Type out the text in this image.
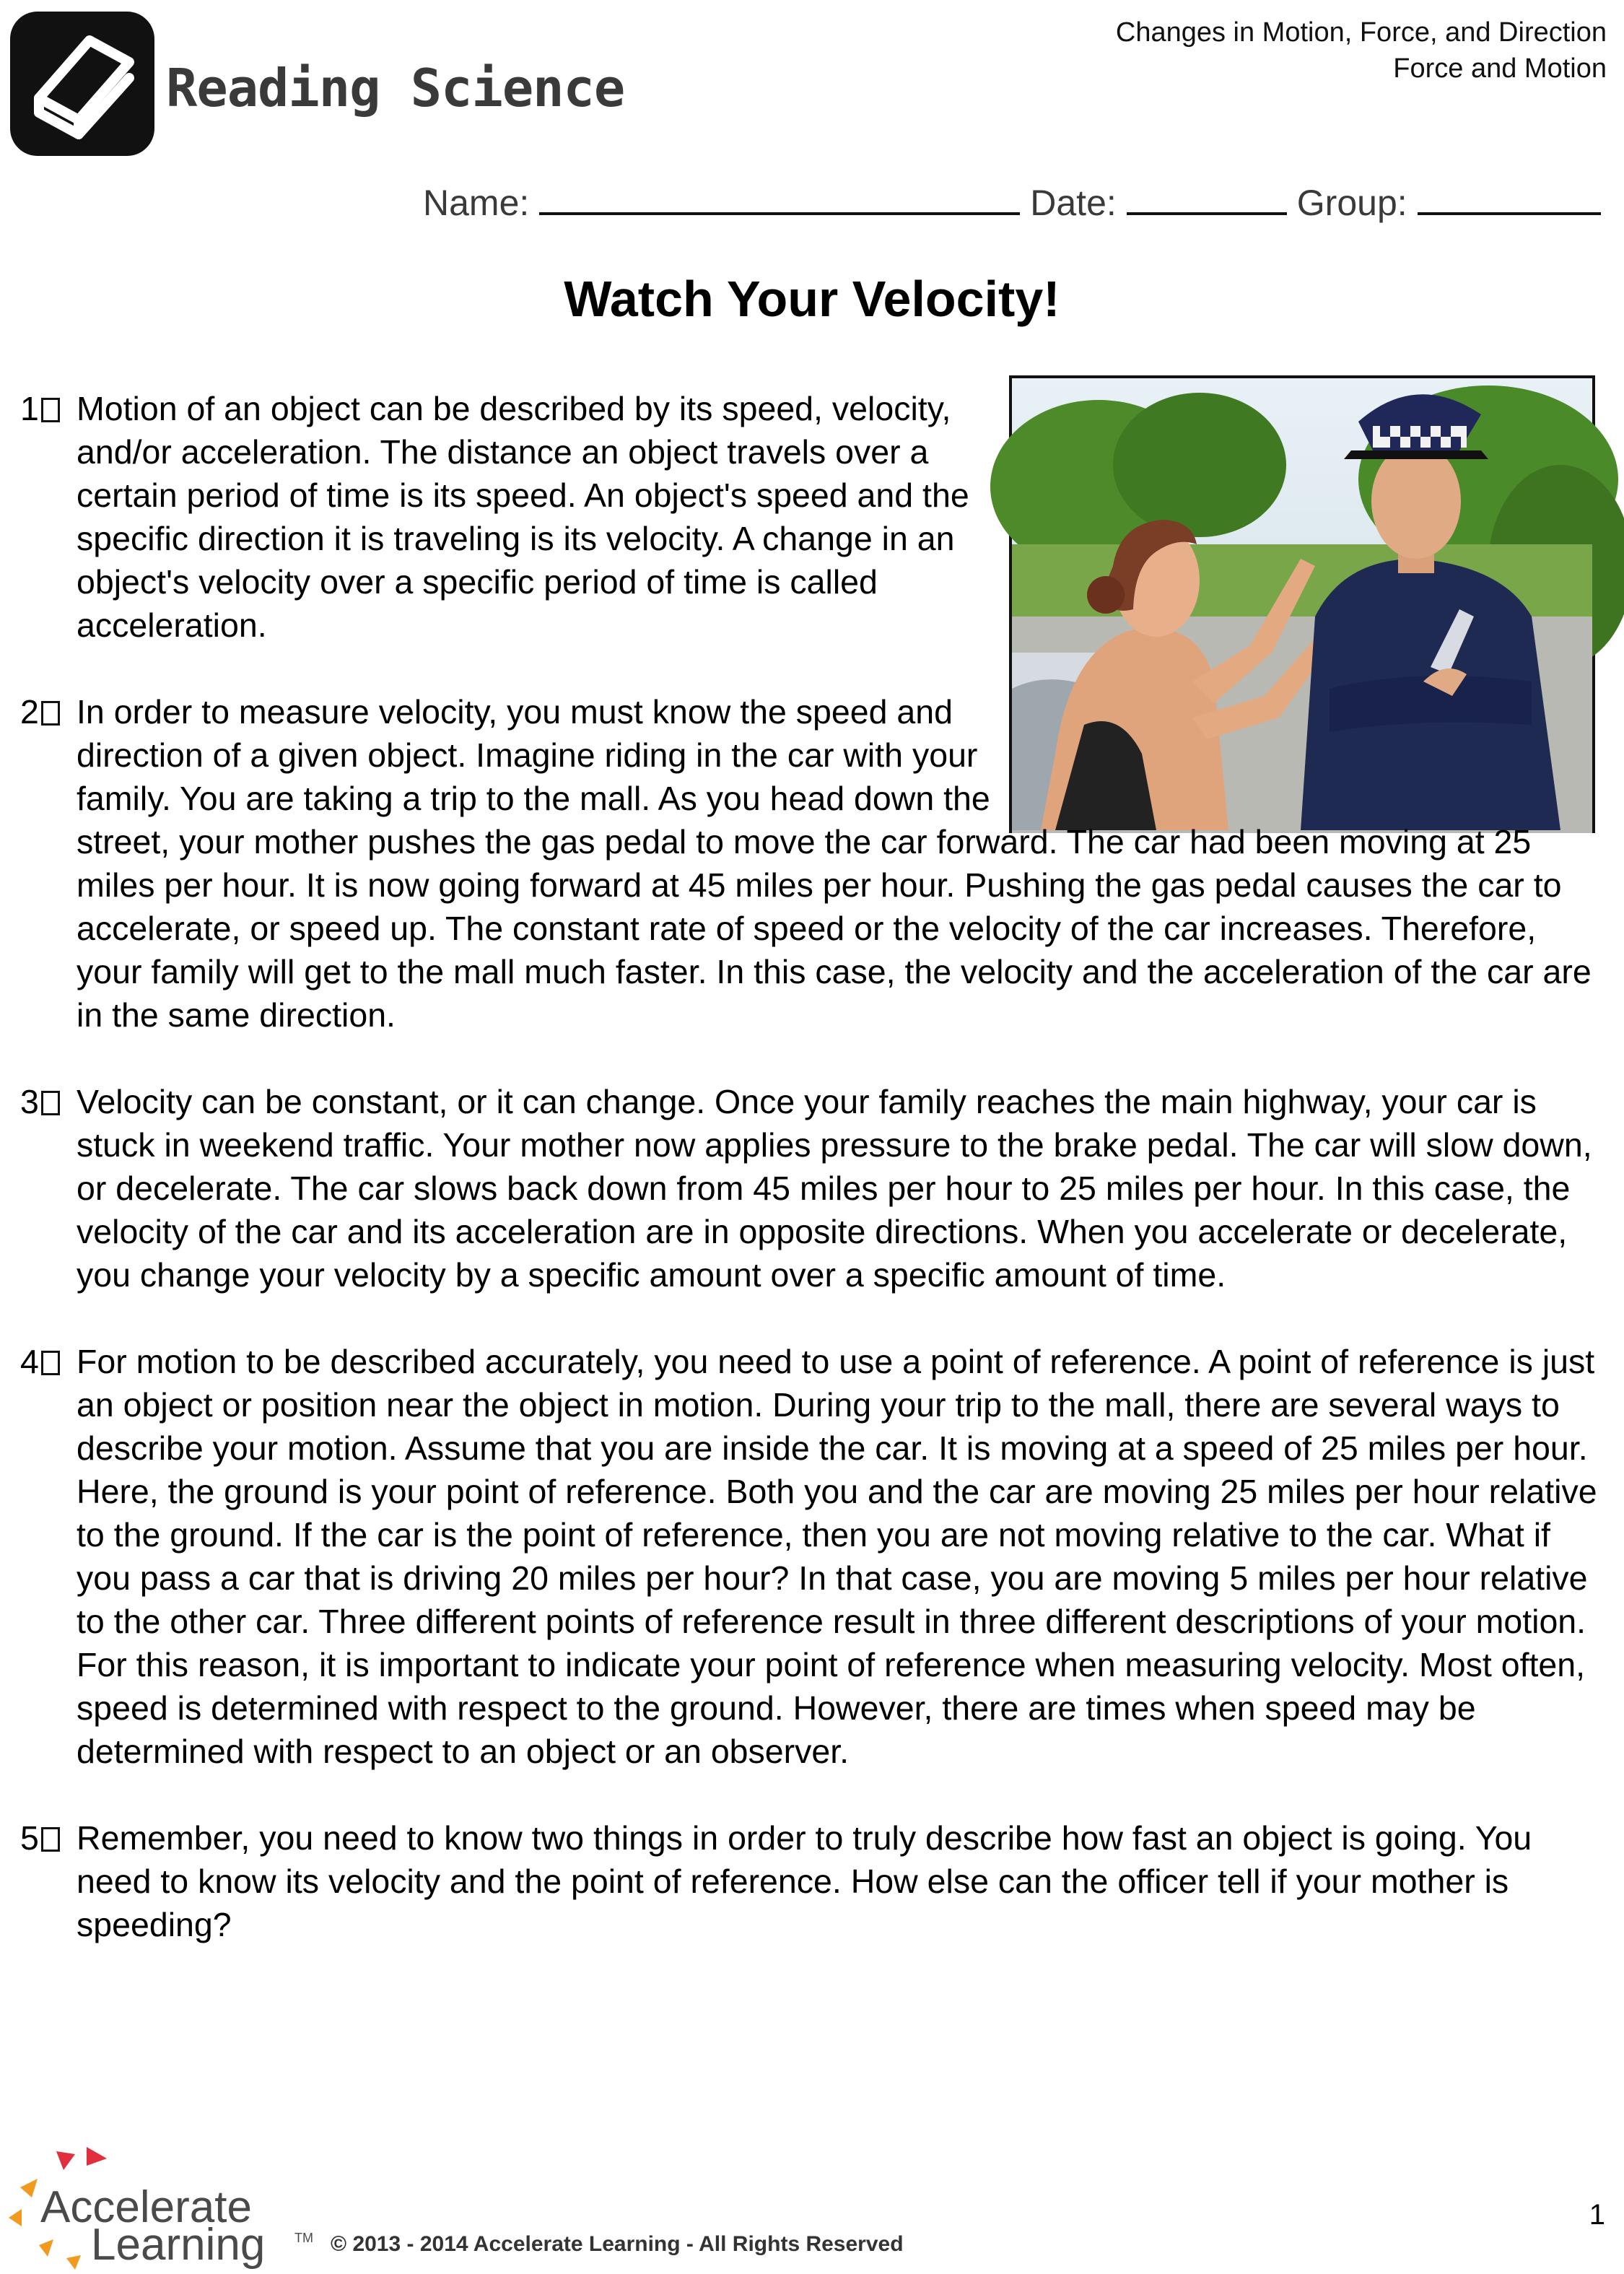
Reading Science
Changes in Motion, Force, and Direction
Force and Motion
Name:	Date:	Group:
Watch Your Velocity!
1	Motion of an object can be described by its speed, velocity, and/or acceleration. The distance an object travels over a certain period of time is its speed. An object's speed and the specific direction it is traveling is its velocity. A change in an object's velocity over a specific period of time is called acceleration.
2	In order to measure velocity, you must know the speed and direction of a given object. Imagine riding in the car with your family. You are taking a trip to the mall. As you head down the street, your mother pushes the gas pedal to move the car forward. The car had been moving at 25 miles per hour. It is now going forward at 45 miles per hour. Pushing the gas pedal causes the car to accelerate, or speed up. The constant rate of speed or the velocity of the car increases. Therefore, your family will get to the mall much faster. In this case, the velocity and the acceleration of the car are in the same direction.
3	Velocity can be constant, or it can change. Once your family reaches the main highway, your car is stuck in weekend traffic. Your mother now applies pressure to the brake pedal. The car will slow down, or decelerate. The car slows back down from 45 miles per hour to 25 miles per hour. In this case, the velocity of the car and its acceleration are in opposite directions. When you accelerate or decelerate, you change your velocity by a specific amount over a specific amount of time.
4	For motion to be described accurately, you need to use a point of reference. A point of reference is just an object or position near the object in motion. During your trip to the mall, there are several ways to describe your motion. Assume that you are inside the car. It is moving at a speed of 25 miles per hour. Here, the ground is your point of reference. Both you and the car are moving 25 miles per hour relative to the ground. If the car is the point of reference, then you are not moving relative to the car. What if you pass a car that is driving 20 miles per hour? In that case, you are moving 5 miles per hour relative to the other car. Three different points of reference result in three different descriptions of your motion. For this reason, it is important to indicate your point of reference when measuring velocity. Most often, speed is determined with respect to the ground. However, there are times when speed may be determined with respect to an object or an observer.
5	Remember, you need to know two things in order to truly describe how fast an object is going. You need to know its velocity and the point of reference. How else can the officer tell if your mother is speeding?
Accelerate
Learning TM © 2013 - 2014 Accelerate Learning - All Rights Reserved
1
